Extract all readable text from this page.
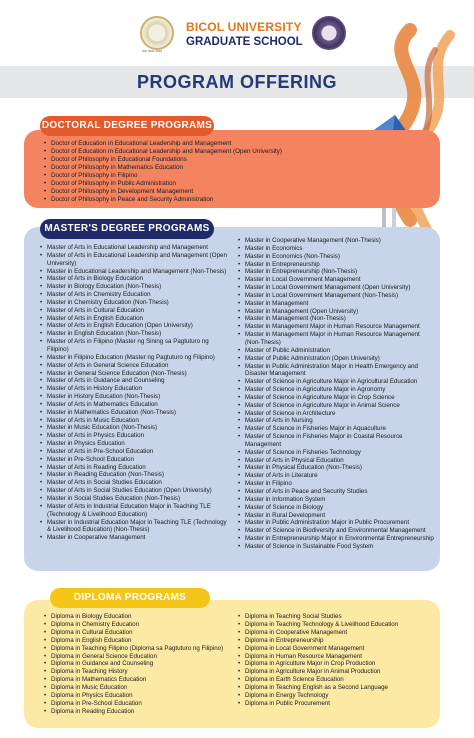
ISO 9001:2015
BICOL UNIVERSITY
GRADUATE SCHOOL
PROGRAM OFFERING
DOCTORAL DEGREE PROGRAMS
• Doctor of Education in Educational Leadership and Management
• Doctor of Education in Educational Leadership and Management (Open University)
• Doctor of Philosophy in Educational Foundations
• Doctor of Philosophy in Mathematics Education
• Doctor of Philosophy in Filipino
• Doctor of Philosophy in Public Administration
• Doctor of Philosophy in Development Management
• Doctor of Philosophy in Peace and Security Administration
MASTER'S DEGREE PROGRAMS
• Master of Arts in Educational Leadership and Management
• Master of Arts in Educational Leadership and Management (Open University)
• Master in Educational Leadership and Management (Non-Thesis)
• Master of Arts in Biology Education
• Master in Biology Education (Non-Thesis)
• Master of Arts in Chemistry Education
• Master in Chemistry Education (Non-Thesis)
• Master of Arts in Cultural Education
• Master of Arts in English Education
• Master of Arts in English Education (Open University)
• Master in English Education (Non-Thesis)
• Master of Arts in Filipino (Master ng Sining sa Pagtuturo ng Filipino)
• Master in Filipino Education (Master ng Pagtuturo ng Filipino)
• Master of Arts in General Science Education
• Master in General Science Education (Non-Thesis)
• Master of Arts in Guidance and Counseling
• Master of Arts in History Education
• Master in History Education (Non-Thesis)
• Master of Arts in Mathematics Education
• Master in Mathematics Education (Non-Thesis)
• Master of Arts in Music Education
• Master in Music Education (Non-Thesis)
• Master of Arts in Physics Education
• Master in Physics Education
• Master of Arts in Pre-School Education
• Master in Pre-School Education
• Master of Arts in Reading Education
• Master in Reading Education (Non-Thesis)
• Master of Arts in Social Studies Education
• Master of Arts in Social Studies Education (Open University)
• Master in Social Studies Education (Non-Thesis)
• Master of Arts in Industrial Education Major in Teaching TLE (Technology & Livelihood Education)
• Master in Industrial Education Major in Teaching TLE (Technology & Livelihood Education) (Non-Thesis)
• Master in Cooperative Management
• Master in Cooperative Management (Non-Thesis)
• Master in Economics
• Master in Economics (Non-Thesis)
• Master in Entrepreneurship
• Master in Entrepreneurship (Non-Thesis)
• Master in Local Government Management
• Master in Local Government Management (Open University)
• Master in Local Government Management (Non-Thesis)
• Master in Management
• Master in Management (Open University)
• Master in Management (Non-Thesis)
• Master in Management Major in Human Resource Management
• Master in Management Major in Human Resource Management (Non-Thesis)
• Master of Public Administration
• Master of Public Administration (Open University)
• Master in Public Administration Major in Health Emergency and Disaster Management
• Master of Science in Agriculture Major in Agricultural Education
• Master of Science in Agriculture Major in Agronomy
• Master of Science in Agriculture Major in Crop Science
• Master of Science in Agriculture Major in Animal Science
• Master of Science in Architecture
• Master of Arts in Nursing
• Master of Science in Fisheries Major in Aquaculture
• Master of Science in Fisheries Major in Coastal Resource Management
• Master of Science in Fisheries Technology
• Master of Arts in Physical Education
• Master in Physical Education (Non-Thesis)
• Master of Arts in Literature
• Master in Filipino
• Master of Arts in Peace and Security Studies
• Master in Information System
• Master of Science in Biology
• Master in Rural Development
• Master in Public Administration Major in Public Procurement
• Master of Science in Biodiversity and Environmental Management
• Master in Entrepreneurship Major in Environmental Entrepreneurship
• Master of Science in Sustainable Food System
DIPLOMA PROGRAMS
• Diploma in Biology Education
• Diploma in Chemistry Education
• Diploma in Cultural Education
• Diploma in English Education
• Diploma in Teaching Filipino (Diploma sa Pagtuturo ng Filipino)
• Diploma in General Science Education
• Diploma in Guidance and Counseling
• Diploma in Teaching History
• Diploma in Mathematics Education
• Diploma in Music Education
• Diploma in Physics Education
• Diploma in Pre-School Education
• Diploma in Reading Education
• Diploma in Teaching Social Studies
• Diploma in Teaching Technology & Livelihood Education
• Diploma in Cooperative Management
• Diploma in Entrepreneurship
• Diploma in Local Government Management
• Diploma in Human Resource Management
• Diploma in Agriculture Major in Crop Production
• Diploma in Agriculture Major in Animal Production
• Diploma in Earth Science Education
• Diploma in Teaching English as a Second Language
• Diploma in Energy Technology
• Diploma in Public Procurement
